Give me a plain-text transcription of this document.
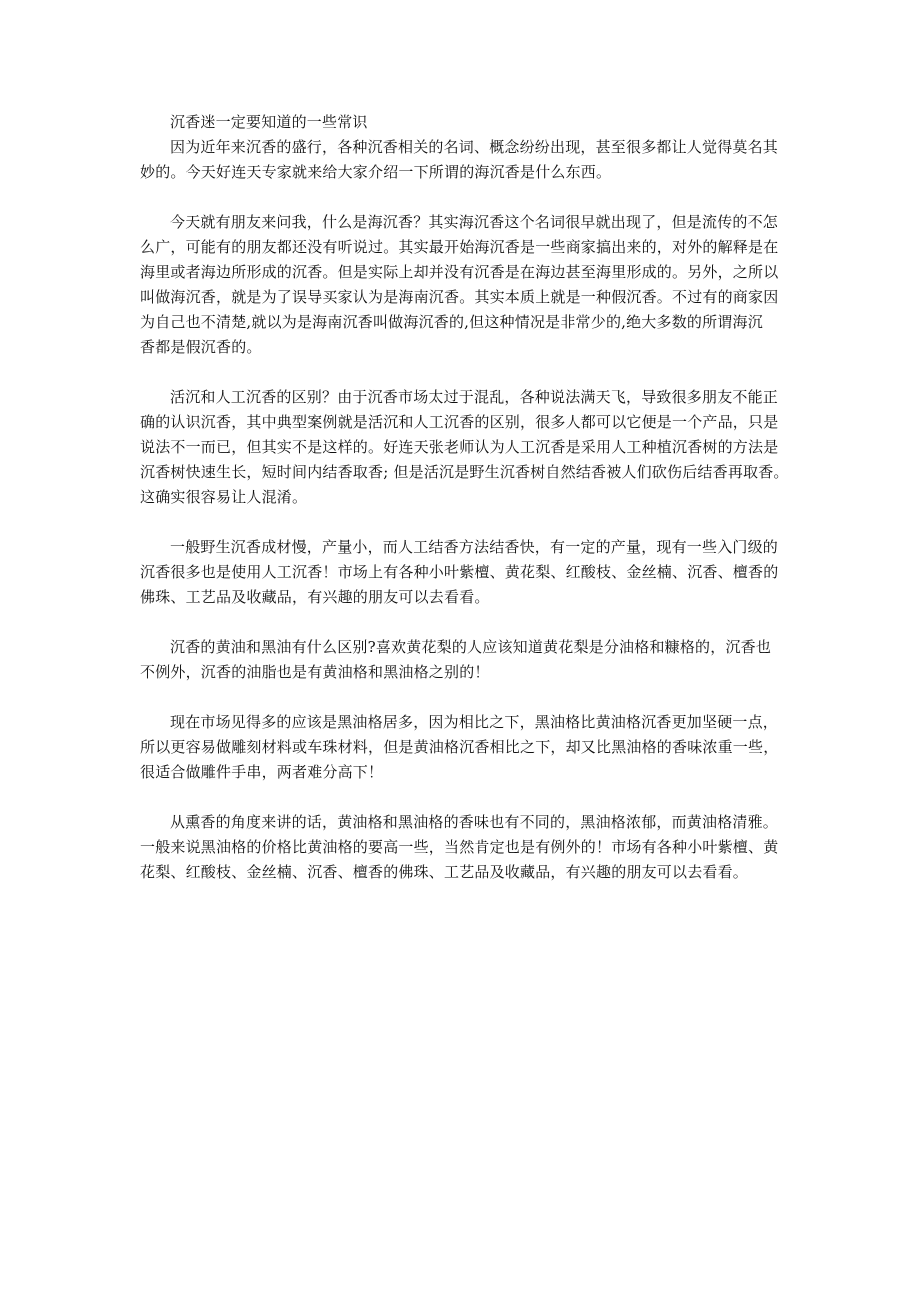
沉香迷一定要知道的一些常识
因为近年来沉香的盛行，各种沉香相关的名词、概念纷纷出现，甚至很多都让人觉得莫名其
妙的。今天好连天专家就来给大家介绍一下所谓的海沉香是什么东西。
今天就有朋友来问我，什么是海沉香？其实海沉香这个名词很早就出现了，但是流传的不怎
么广，可能有的朋友都还没有听说过。其实最开始海沉香是一些商家搞出来的，对外的解释是在
海里或者海边所形成的沉香。但是实际上却并没有沉香是在海边甚至海里形成的。另外，之所以
叫做海沉香，就是为了误导买家认为是海南沉香。其实本质上就是一种假沉香。不过有的商家因
为自己也不清楚,就以为是海南沉香叫做海沉香的,但这种情况是非常少的,绝大多数的所谓海沉
香都是假沉香的。
活沉和人工沉香的区别？由于沉香市场太过于混乱，各种说法满天飞，导致很多朋友不能正
确的认识沉香，其中典型案例就是活沉和人工沉香的区别，很多人都可以它便是一个产品，只是
说法不一而已，但其实不是这样的。好连天张老师认为人工沉香是采用人工种植沉香树的方法是
沉香树快速生长，短时间内结香取香; 但是活沉是野生沉香树自然结香被人们砍伤后结香再取香。
这确实很容易让人混淆。
一般野生沉香成材慢，产量小，而人工结香方法结香快，有一定的产量，现有一些入门级的
沉香很多也是使用人工沉香！市场上有各种小叶紫檀、黄花梨、红酸枝、金丝楠、沉香、檀香的
佛珠、工艺品及收藏品，有兴趣的朋友可以去看看。
沉香的黄油和黑油有什么区别?喜欢黄花梨的人应该知道黄花梨是分油格和糠格的，沉香也
不例外，沉香的油脂也是有黄油格和黑油格之别的！
现在市场见得多的应该是黑油格居多，因为相比之下，黑油格比黄油格沉香更加坚硬一点，
所以更容易做雕刻材料或车珠材料，但是黄油格沉香相比之下，却又比黑油格的香味浓重一些，
很适合做雕件手串，两者难分高下！
从熏香的角度来讲的话，黄油格和黑油格的香味也有不同的，黑油格浓郁，而黄油格清雅。
一般来说黑油格的价格比黄油格的要高一些，当然肯定也是有例外的！市场有各种小叶紫檀、黄
花梨、红酸枝、金丝楠、沉香、檀香的佛珠、工艺品及收藏品，有兴趣的朋友可以去看看。
